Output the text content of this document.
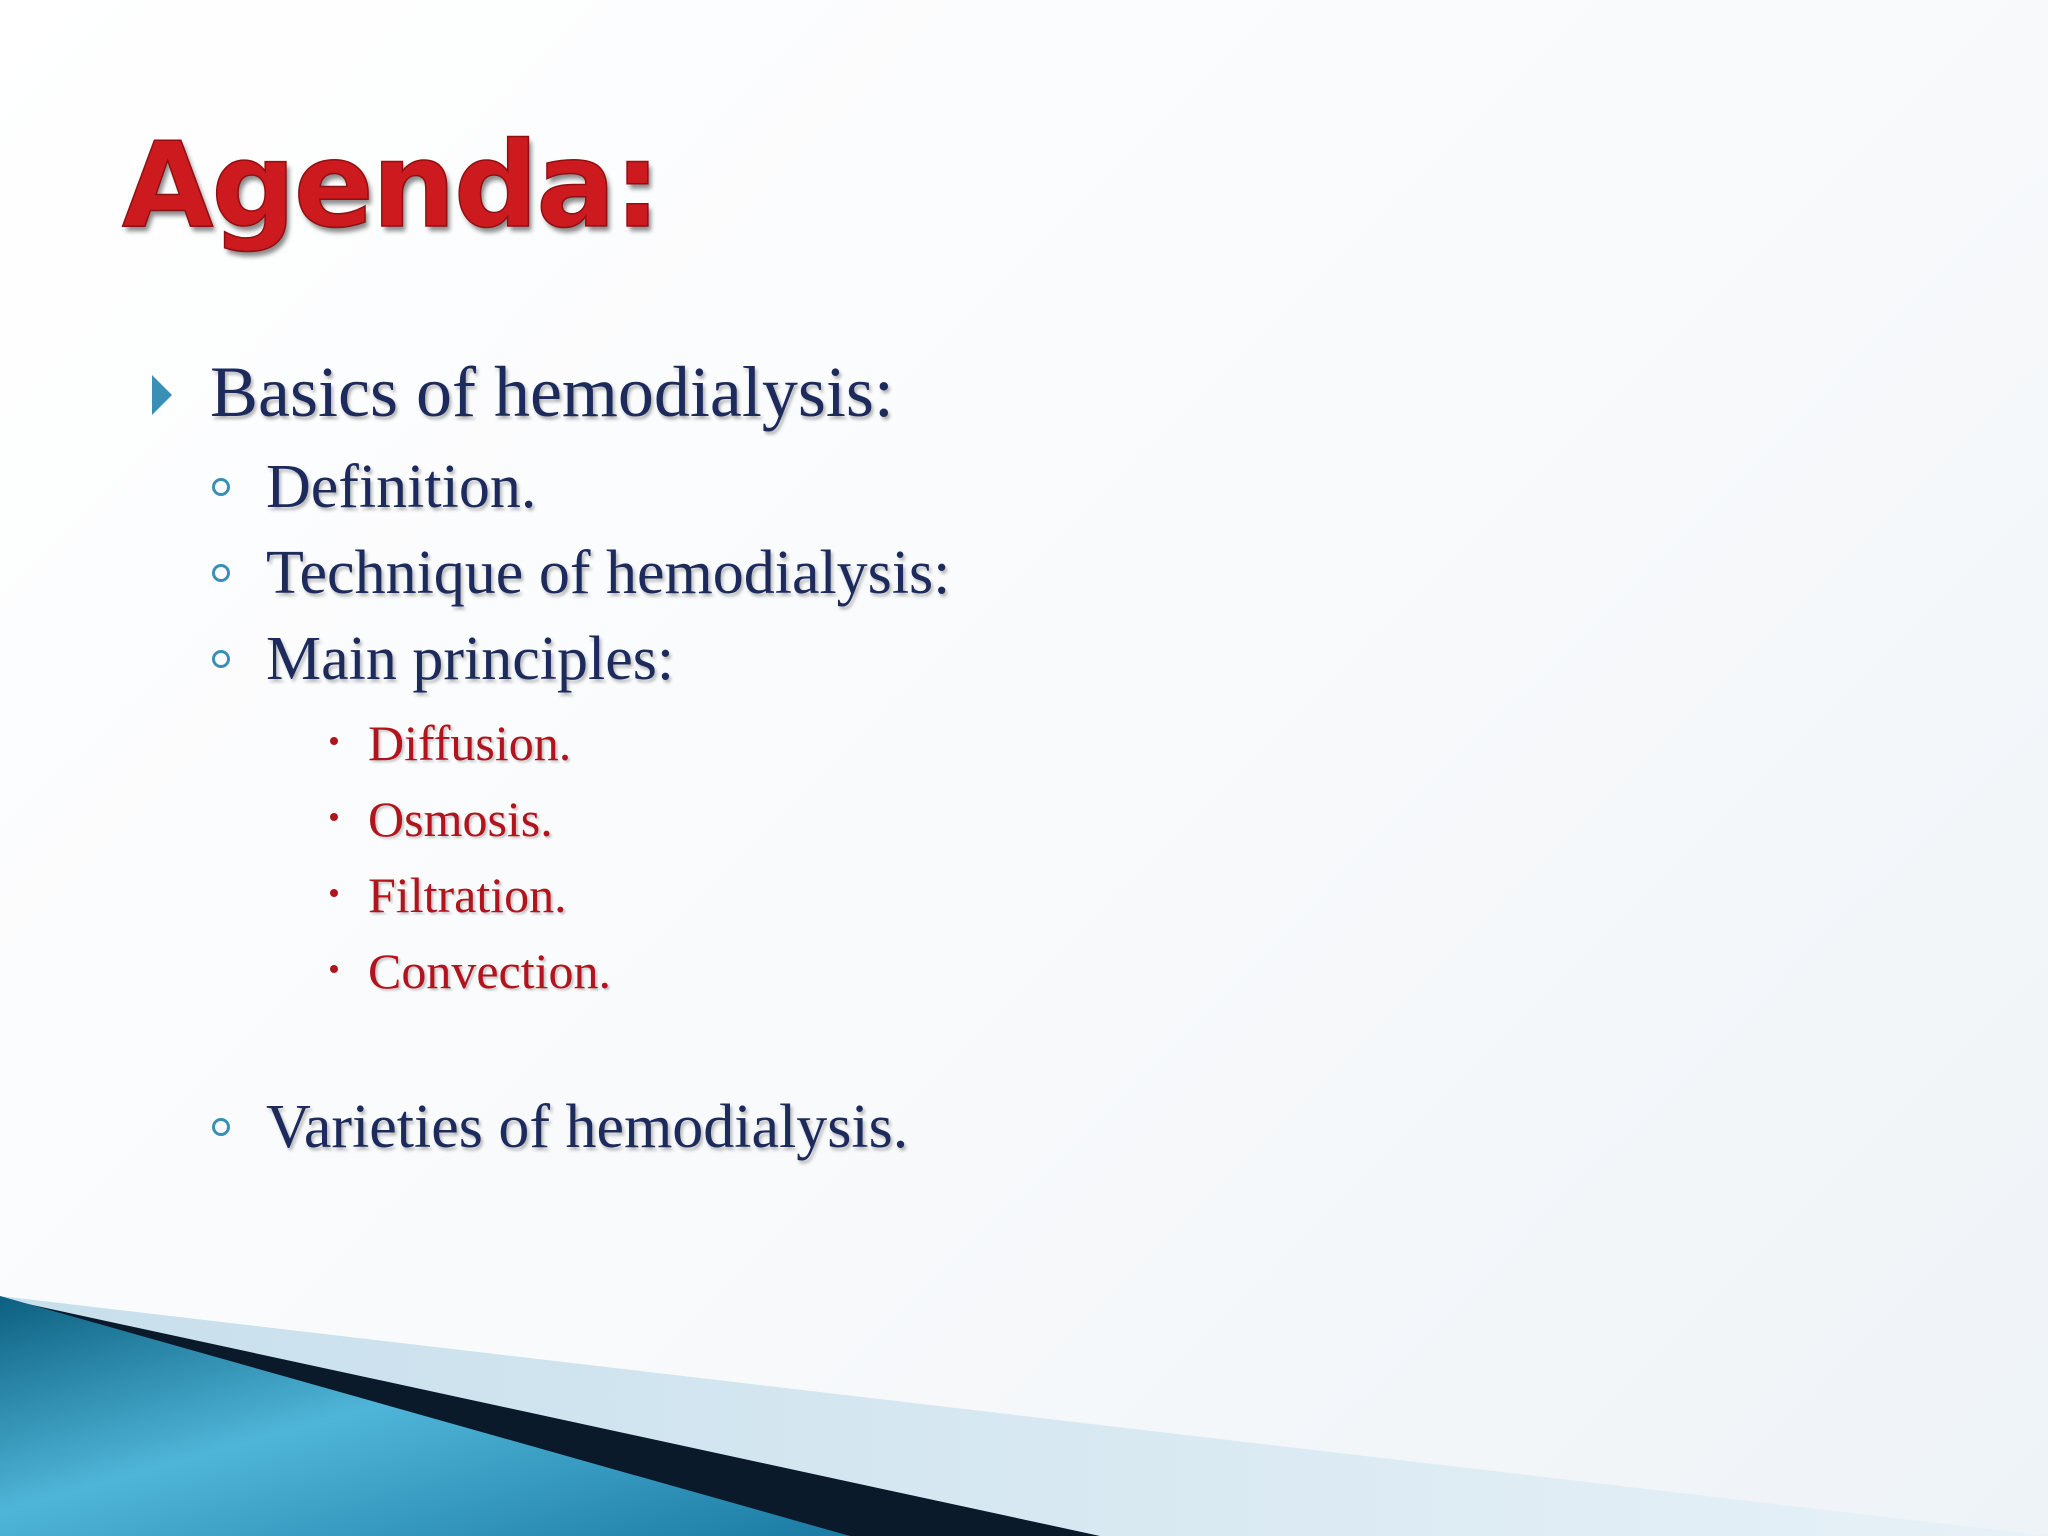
Agenda:
Basics of hemodialysis:
Definition.
Technique of hemodialysis:
Main principles:
Diffusion.
Osmosis.
Filtration.
Convection.
Varieties of hemodialysis.
